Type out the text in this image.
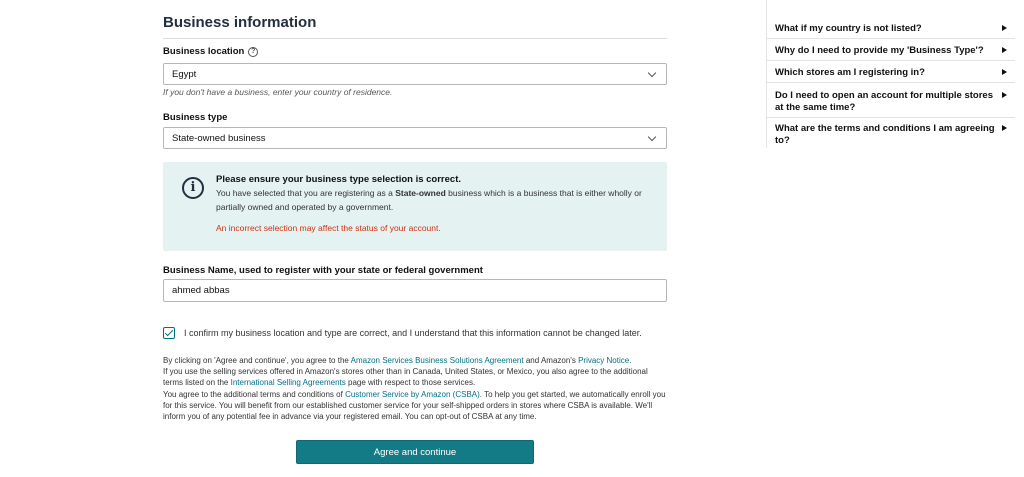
Business information
Business location ?
Egypt
If you don't have a business, enter your country of residence.
Business type
State-owned business
i
Please ensure your business type selection is correct.
You have selected that you are registering as a State-owned business which is a business that is either wholly or partially owned and operated by a government.
An incorrect selection may affect the status of your account.
Business Name, used to register with your state or federal government
ahmed abbas
I confirm my business location and type are correct, and I understand that this information cannot be changed later.
By clicking on 'Agree and continue', you agree to the Amazon Services Business Solutions Agreement and Amazon's Privacy Notice.
If you use the selling services offered in Amazon's stores other than in Canada, United States, or Mexico, you also agree to the additional terms listed on the International Selling Agreements page with respect to those services.
You agree to the additional terms and conditions of Customer Service by Amazon (CSBA). To help you get started, we automatically enroll you for this service. You will benefit from our established customer service for your self-shipped orders in stores where CSBA is available. We'll inform you of any potential fee in advance via your registered email. You can opt-out of CSBA at any time.
Agree and continue
What if my country is not listed?
Why do I need to provide my 'Business Type'?
Which stores am I registering in?
Do I need to open an account for multiple stores at the same time?
What are the terms and conditions I am agreeing to?
